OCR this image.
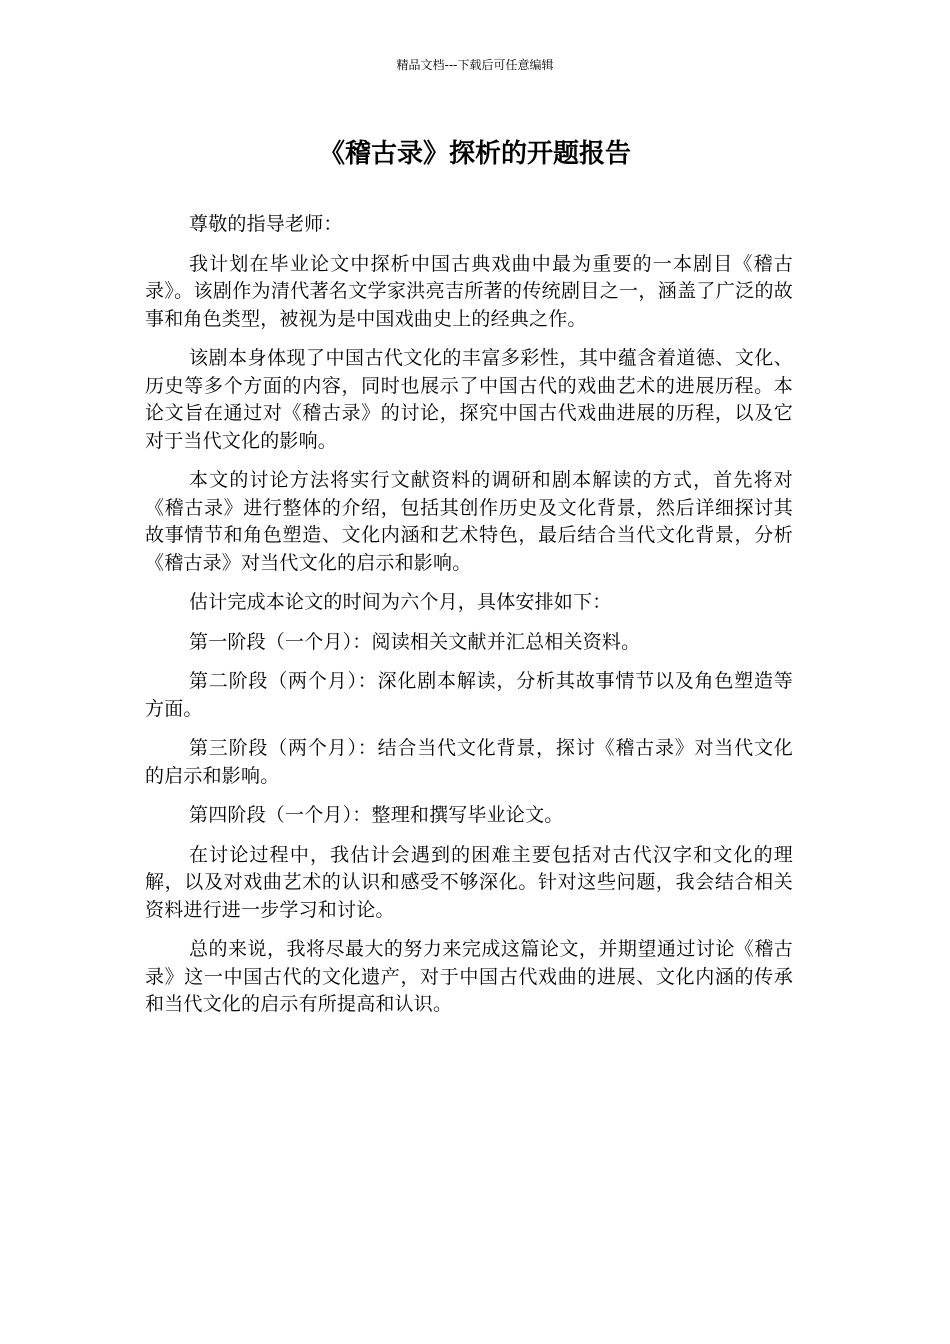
精品文档---下载后可任意编辑
《稽古录》探析的开题报告

尊敬的指导老师：

我计划在毕业论文中探析中国古典戏曲中最为重要的一本剧目《稽古录》。该剧作为清代著名文学家洪亮吉所著的传统剧目之一，涵盖了广泛的故事和角色类型，被视为是中国戏曲史上的经典之作。

该剧本身体现了中国古代文化的丰富多彩性，其中蕴含着道德、文化、历史等多个方面的内容，同时也展示了中国古代的戏曲艺术的进展历程。本论文旨在通过对《稽古录》的讨论，探究中国古代戏曲进展的历程，以及它对于当代文化的影响。

本文的讨论方法将实行文献资料的调研和剧本解读的方式，首先将对《稽古录》进行整体的介绍，包括其创作历史及文化背景，然后详细探讨其故事情节和角色塑造、文化内涵和艺术特色，最后结合当代文化背景，分析《稽古录》对当代文化的启示和影响。

估计完成本论文的时间为六个月，具体安排如下：

第一阶段（一个月）：阅读相关文献并汇总相关资料。

第二阶段（两个月）：深化剧本解读，分析其故事情节以及角色塑造等方面。

第三阶段（两个月）：结合当代文化背景，探讨《稽古录》对当代文化的启示和影响。

第四阶段（一个月）：整理和撰写毕业论文。

在讨论过程中，我估计会遇到的困难主要包括对古代汉字和文化的理解，以及对戏曲艺术的认识和感受不够深化。针对这些问题，我会结合相关资料进行进一步学习和讨论。

总的来说，我将尽最大的努力来完成这篇论文，并期望通过讨论《稽古录》这一中国古代的文化遗产，对于中国古代戏曲的进展、文化内涵的传承和当代文化的启示有所提高和认识。
